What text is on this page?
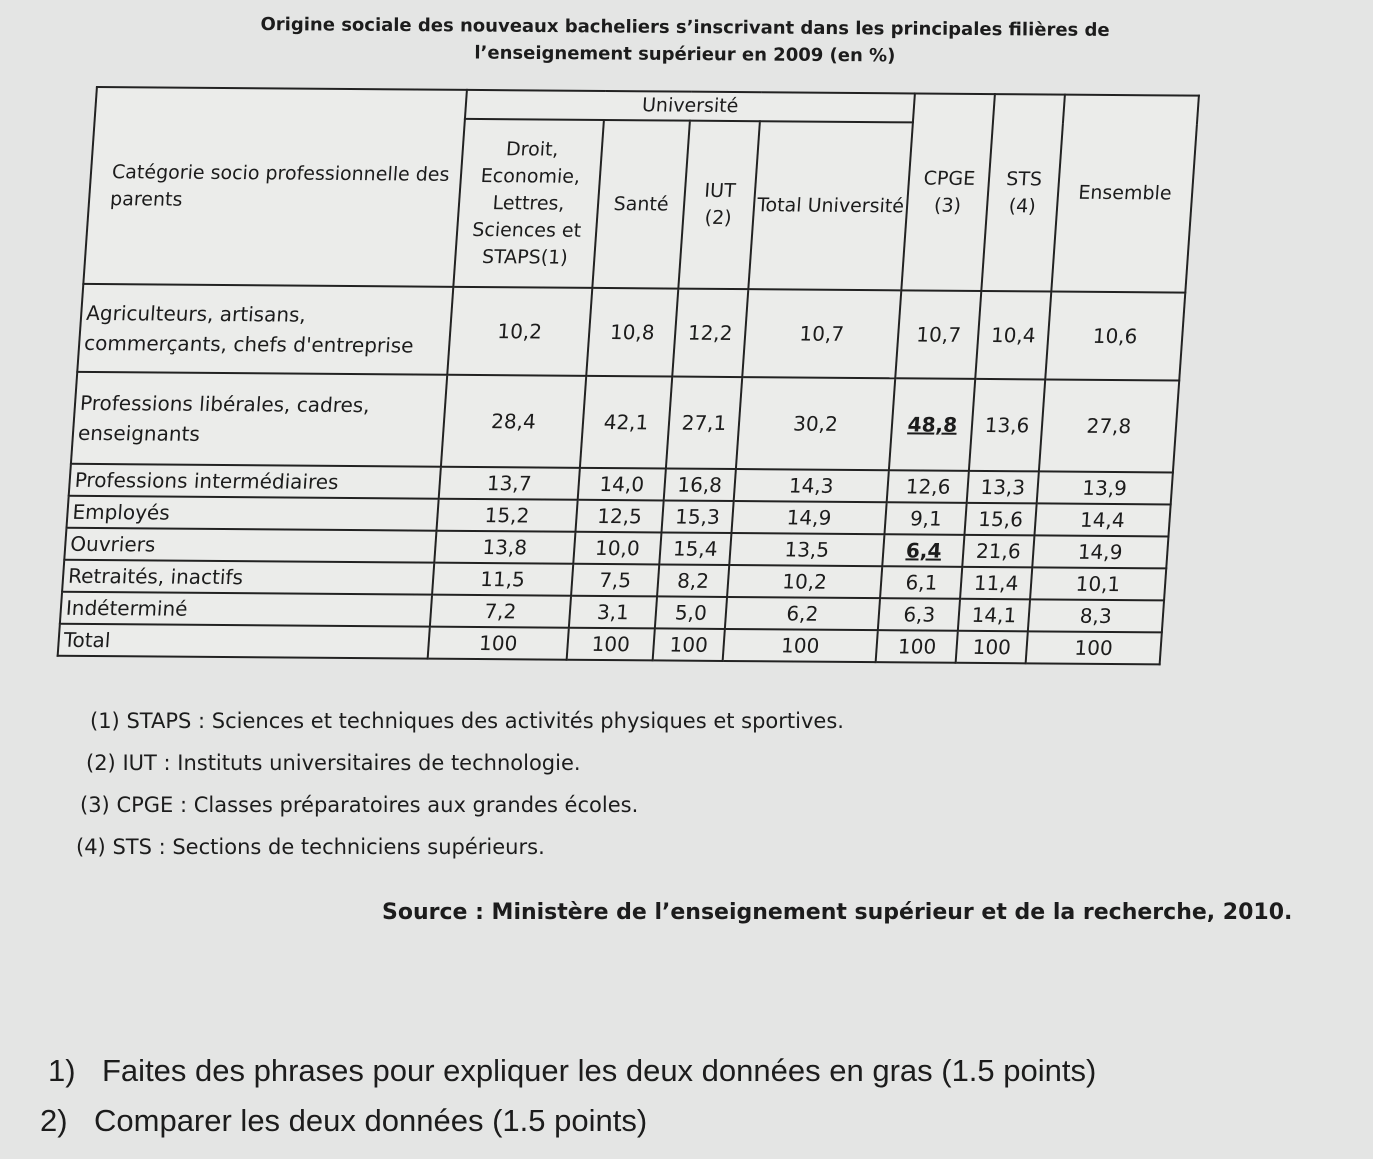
Origine sociale des nouveaux bacheliers s’inscrivant dans les principales filières de l’enseignement supérieur en 2009 (en %)
Catégorie socio professionnelle des parents	Université				CPGE (3)	STS (4)	Ensemble
	Droit, Economie, Lettres, Sciences et STAPS(1)	Santé	IUT (2)	Total Université			
Agriculteurs, artisans, commerçants, chefs d'entreprise	10,2	10,8	12,2	10,7	10,7	10,4	10,6
Professions libérales, cadres, enseignants	28,4	42,1	27,1	30,2	48,8	13,6	27,8
Professions intermédiaires	13,7	14,0	16,8	14,3	12,6	13,3	13,9
Employés	15,2	12,5	15,3	14,9	9,1	15,6	14,4
Ouvriers	13,8	10,0	15,4	13,5	6,4	21,6	14,9
Retraités, inactifs	11,5	7,5	8,2	10,2	6,1	11,4	10,1
Indéterminé	7,2	3,1	5,0	6,2	6,3	14,1	8,3
Total	100	100	100	100	100	100	100
(1) STAPS : Sciences et techniques des activités physiques et sportives.
(2) IUT : Instituts universitaires de technologie.
(3) CPGE : Classes préparatoires aux grandes écoles.
(4) STS : Sections de techniciens supérieurs.
Source : Ministère de l’enseignement supérieur et de la recherche, 2010.
1) Faites des phrases pour expliquer les deux données en gras (1.5 points)
2) Comparer les deux données (1.5 points)
